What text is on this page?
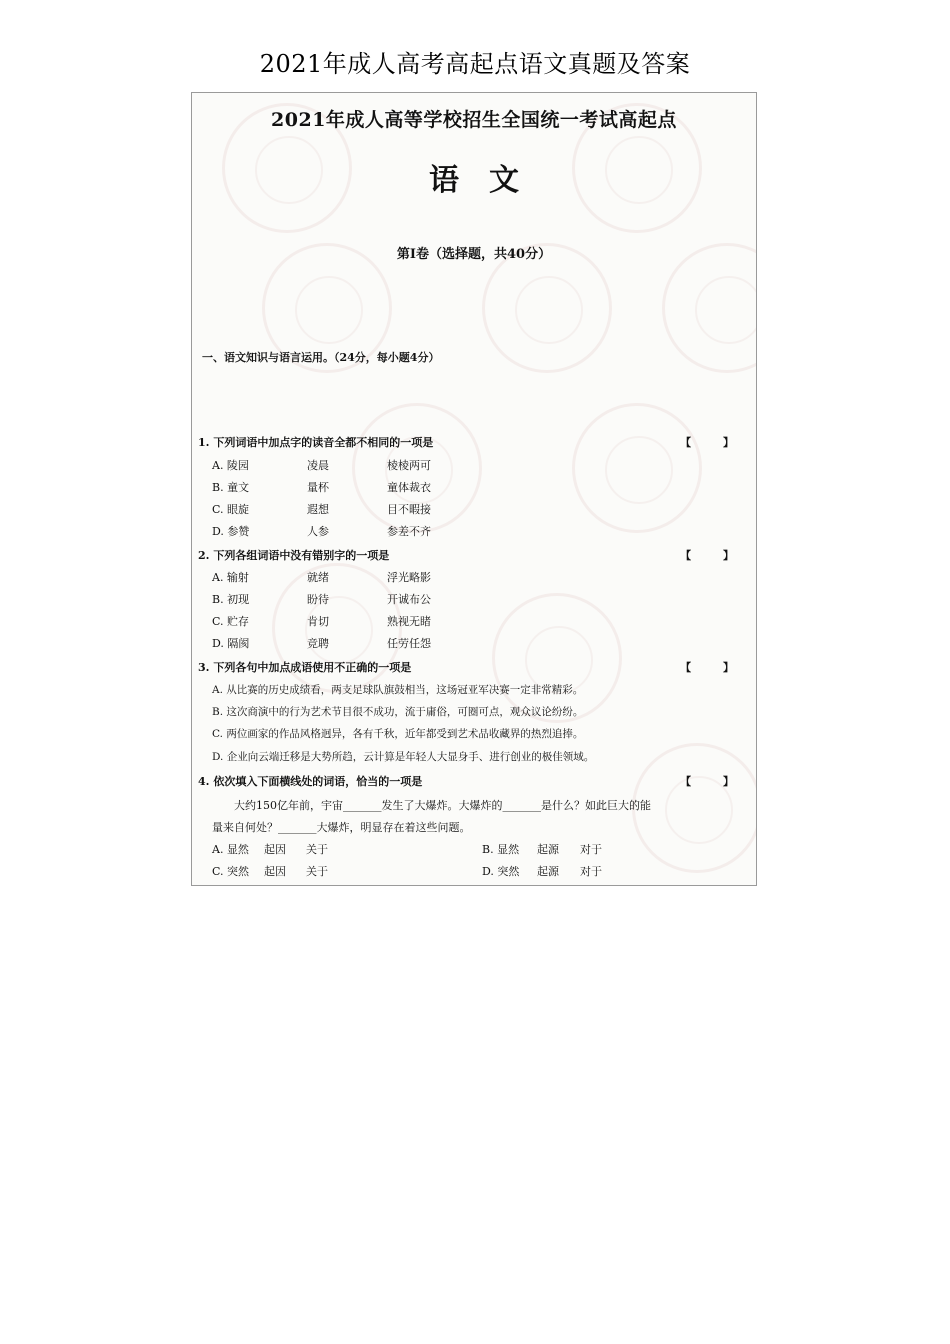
2021年成人高考高起点语文真题及答案
2021年成人高等学校招生全国统一考试高起点
语文
第Ⅰ卷（选择题，共40分）
一、语文知识与语言运用。（24分，每小题4分）
1. 下列词语中加点字的读音全都不相同的一项是	【 】
A. 陵园	凌晨	棱棱两可
B. 童文	量杯	童体裁衣
C. 眼旋	遐想	目不暇接
D. 参赞	人参	参差不齐
2. 下列各组词语中没有错别字的一项是	【 】
A. 输射	就绪	浮光略影
B. 初现	盼待	开诚布公
C. 贮存	肯切	熟视无睹
D. 隔阂	竞聘	任劳任怨
3. 下列各句中加点成语使用不正确的一项是	【 】
A. 从比赛的历史成绩看，两支足球队旗鼓相当，这场冠亚军决赛一定非常精彩。
B. 这次商演中的行为艺术节目很不成功，流于庸俗，可圈可点，观众议论纷纷。
C. 两位画家的作品风格迥异，各有千秋，近年都受到艺术品收藏界的热烈追捧。
D. 企业向云端迁移是大势所趋，云计算是年轻人大显身手、进行创业的极佳领域。
4. 依次填入下面横线处的词语，恰当的一项是	【 】
大约150亿年前，宇宙_______发生了大爆炸。大爆炸的_______是什么？如此巨大的能
量来自何处？_______大爆炸，明显存在着这些问题。
A. 显然 起因 关于	B. 显然 起源 对于
C. 突然 起因 关于	D. 突然 起源 对于
